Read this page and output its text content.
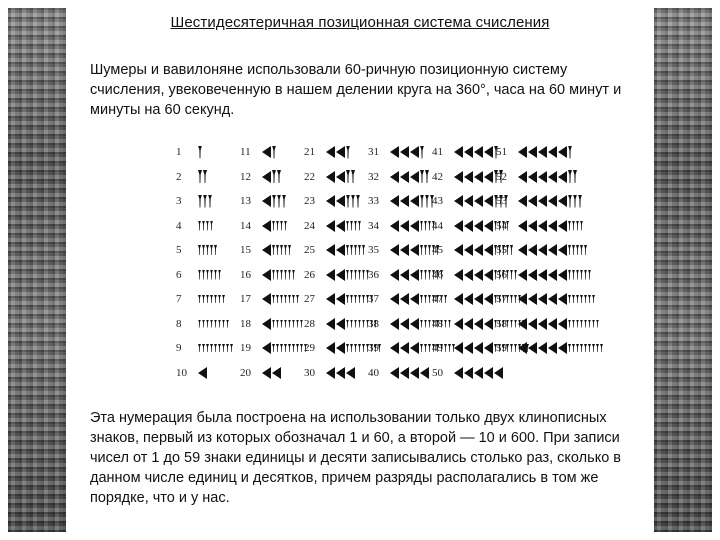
Шестидесятеричная позиционная система счисления
Шумеры и вавилоняне использовали 60-ричную позиционную систему счисления, увековеченную в нашем делении круга на 360°, часа на 60 минут и минуты на 60 секунд.
1
2
3
4
5
6
7
8
9
10
11
12
13
14
15
16
17
18
19
20
21
22
23
24
25
26
27
28
29
30
31
32
33
34
35
36
37
38
39
40
41
42
43
44
45
46
47
48
49
50
51
52
53
54
55
56
57
58
59
Эта нумерация была построена на использовании только двух клинописных знаков, первый из которых обозначал 1 и 60, а второй — 10 и 600. При записи чисел от 1 до 59 знаки единицы и десяти записывались столько раз, сколько в данном числе единиц и десятков, причем разряды располагались в том же порядке, что и у нас.
